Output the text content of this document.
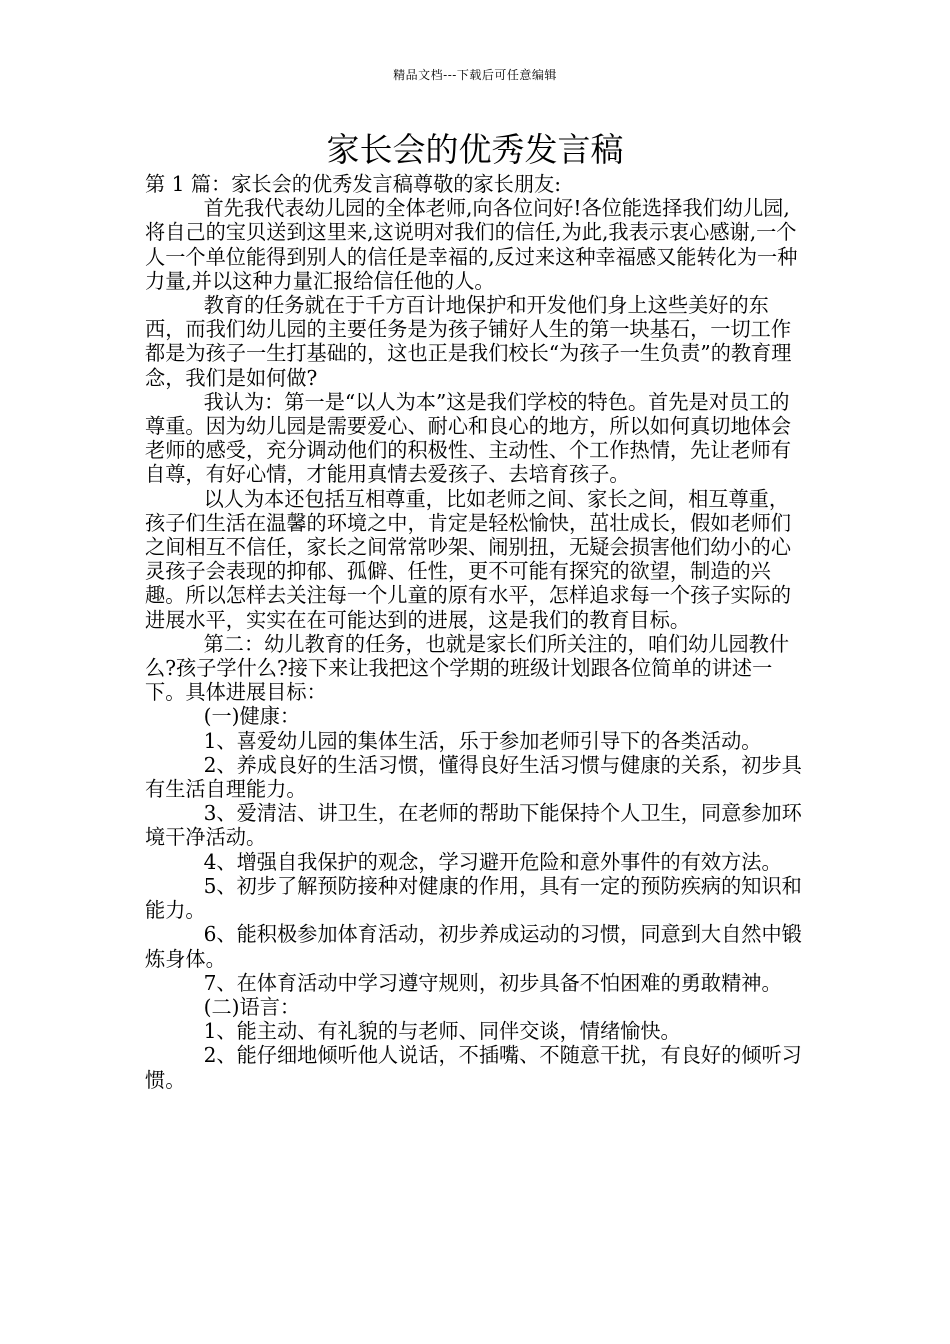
精品文档---下载后可任意编辑
家长会的优秀发言稿

第 1 篇：家长会的优秀发言稿尊敬的家长朋友:

首先我代表幼儿园的全体老师,向各位问好!各位能选择我们幼儿园,将自己的宝贝送到这里来,这说明对我们的信任,为此,我表示衷心感谢,一个人一个单位能得到别人的信任是幸福的,反过来这种幸福感又能转化为一种力量,并以这种力量汇报给信任他的人。

教育的任务就在于千方百计地保护和开发他们身上这些美好的东西，而我们幼儿园的主要任务是为孩子铺好人生的第一块基石，一切工作都是为孩子一生打基础的，这也正是我们校长“为孩子一生负责”的教育理念，我们是如何做?

我认为：第一是“以人为本”这是我们学校的特色。首先是对员工的尊重。因为幼儿园是需要爱心、耐心和良心的地方，所以如何真切地体会老师的感受，充分调动他们的积极性、主动性、个工作热情，先让老师有自尊，有好心情，才能用真情去爱孩子、去培育孩子。

以人为本还包括互相尊重，比如老师之间、家长之间，相互尊重，孩子们生活在温馨的环境之中，肯定是轻松愉快，茁壮成长，假如老师们之间相互不信任，家长之间常常吵架、闹别扭，无疑会损害他们幼小的心灵孩子会表现的抑郁、孤僻、任性，更不可能有探究的欲望，制造的兴趣。所以怎样去关注每一个儿童的原有水平，怎样追求每一个孩子实际的进展水平，实实在在可能达到的进展，这是我们的教育目标。

第二：幼儿教育的任务，也就是家长们所关注的，咱们幼儿园教什么?孩子学什么?接下来让我把这个学期的班级计划跟各位简单的讲述一下。具体进展目标：

(一)健康：

1、喜爱幼儿园的集体生活，乐于参加老师引导下的各类活动。

2、养成良好的生活习惯，懂得良好生活习惯与健康的关系，初步具有生活自理能力。

3、爱清洁、讲卫生，在老师的帮助下能保持个人卫生，同意参加环境干净活动。

4、增强自我保护的观念，学习避开危险和意外事件的有效方法。

5、初步了解预防接种对健康的作用，具有一定的预防疾病的知识和能力。

6、能积极参加体育活动，初步养成运动的习惯，同意到大自然中锻炼身体。

7、在体育活动中学习遵守规则，初步具备不怕困难的勇敢精神。

(二)语言：

1、能主动、有礼貌的与老师、同伴交谈，情绪愉快。

2、能仔细地倾听他人说话，不插嘴、不随意干扰，有良好的倾听习惯。
